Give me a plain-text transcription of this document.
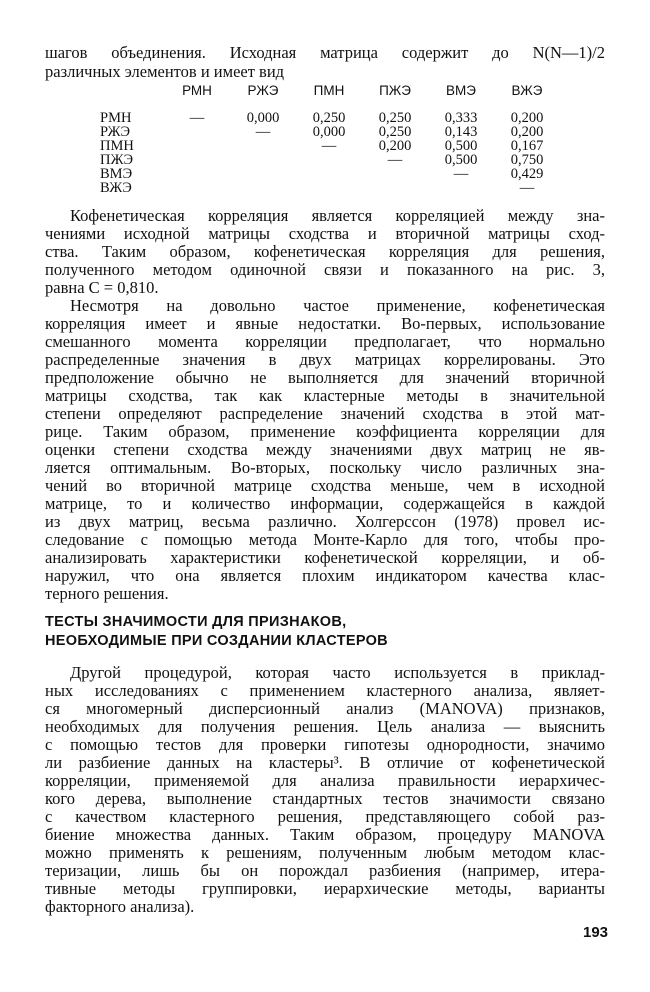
шагов объединения. Исходная матрица содержит до N(N—1)/2
различных элементов и имеет вид
	РМН	РЖЭ	ПМН	ПЖЭ	ВМЭ	ВЖЭ
РМН	—	0,000	0,250	0,250	0,333	0,200
РЖЭ		—	0,000	0,250	0,143	0,200
ПМН			—	0,200	0,500	0,167
ПЖЭ				—	0,500	0,750
ВМЭ					—	0,429
ВЖЭ						—
Кофенетическая корреляция является корреляцией между зна-
чениями исходной матрицы сходства и вторичной матрицы сход-
ства. Таким образом, кофенетическая корреляция для решения,
полученного методом одиночной связи и показанного на рис. 3,
равна C = 0,810.
Несмотря на довольно частое применение, кофенетическая
корреляция имеет и явные недостатки. Во-первых, использование
смешанного момента корреляции предполагает, что нормально
распределенные значения в двух матрицах коррелированы. Это
предположение обычно не выполняется для значений вторичной
матрицы сходства, так как кластерные методы в значительной
степени определяют распределение значений сходства в этой мат-
рице. Таким образом, применение коэффициента корреляции для
оценки степени сходства между значениями двух матриц не яв-
ляется оптимальным. Во-вторых, поскольку число различных зна-
чений во вторичной матрице сходства меньше, чем в исходной
матрице, то и количество информации, содержащейся в каждой
из двух матриц, весьма различно. Холгерссон (1978) провел ис-
следование с помощью метода Монте-Карло для того, чтобы про-
анализировать характеристики кофенетической корреляции, и об-
наружил, что она является плохим индикатором качества клас-
терного решения.
ТЕСТЫ ЗНАЧИМОСТИ ДЛЯ ПРИЗНАКОВ,
НЕОБХОДИМЫЕ ПРИ СОЗДАНИИ КЛАСТЕРОВ
Другой процедурой, которая часто используется в приклад-
ных исследованиях с применением кластерного анализа, являет-
ся многомерный дисперсионный анализ (MANOVA) признаков,
необходимых для получения решения. Цель анализа — выяснить
с помощью тестов для проверки гипотезы однородности, значимо
ли разбиение данных на кластеры³. В отличие от кофенетической
корреляции, применяемой для анализа правильности иерархичес-
кого дерева, выполнение стандартных тестов значимости связано
с качеством кластерного решения, представляющего собой раз-
биение множества данных. Таким образом, процедуру MANOVA
можно применять к решениям, полученным любым методом клас-
теризации, лишь бы он порождал разбиения (например, итера-
тивные методы группировки, иерархические методы, варианты
факторного анализа).
193
